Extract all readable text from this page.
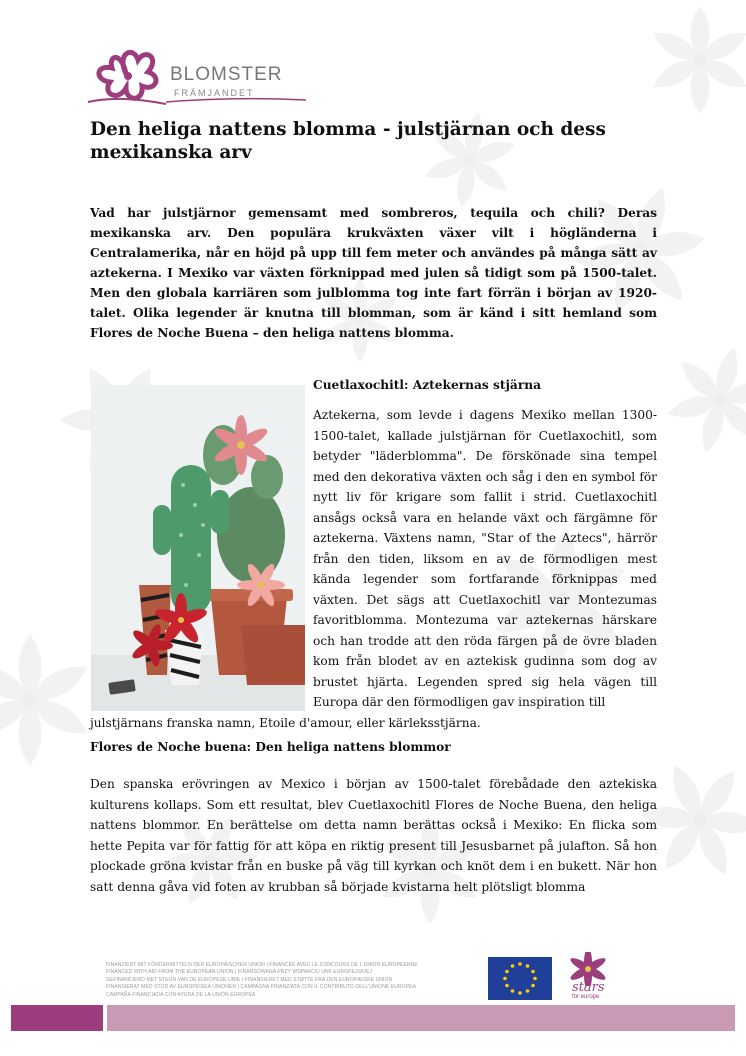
BLOMSTER
FRÄMJANDET
Den heliga nattens blomma - julstjärnan och dess mexikanska arv

Vad har julstjärnor gemensamt med sombreros, tequila och chili? Deras mexikanska arv. Den populära krukväxten växer vilt i högländerna i Centralamerika, når en höjd på upp till fem meter och användes på många sätt av aztekerna. I Mexiko var växten förknippad med julen så tidigt som på 1500-talet. Men den globala karriären som julblomma tog inte fart förrän i början av 1920-talet. Olika legender är knutna till blomman, som är känd i sitt hemland som Flores de Noche Buena – den heliga nattens blomma.

Cuetlaxochitl: Aztekernas stjärna

Aztekerna, som levde i dagens Mexiko mellan 1300-1500-talet, kallade julstjärnan för Cuetlaxochitl, som betyder "läderblomma". De förskönade sina tempel med den dekorativa växten och såg i den en symbol för nytt liv för krigare som fallit i strid. Cuetlaxochitl ansågs också vara en helande växt och färgämne för aztekerna. Växtens namn, "Star of the Aztecs", härrör från den tiden, liksom en av de förmodligen mest kända legender som fortfarande förknippas med växten. Det sägs att Cuetlaxochitl var Montezumas favoritblomma. Montezuma var aztekernas härskare och han trodde att den röda färgen på de övre bladen kom från blodet av en aztekisk gudinna som dog av brustet hjärta. Legenden spred sig hela vägen till Europa där den förmodligen gav inspiration till

julstjärnans franska namn, Etoile d'amour, eller kärleksstjärna.

Flores de Noche buena: Den heliga nattens blommor

Den spanska erövringen av Mexico i början av 1500-talet förebådade den aztekiska kulturens kollaps. Som ett resultat, blev Cuetlaxochitl Flores de Noche Buena, den heliga nattens blommor. En berättelse om detta namn berättas också i Mexiko: En flicka som hette Pepita var för fattig för att köpa en riktig present till Jesusbarnet på julafton. Så hon plockade gröna kvistar från en buske på väg till kyrkan och knöt dem i en bukett. När hon satt denna gåva vid foten av krubban så började kvistarna helt plötsligt blomma

FINANZIERT MIT FÖRDERMITTELN DER EUROPÄISCHEN UNION | FINANCÉE AVEC LE CONCOURS DE L'UNION EUROPEENNE
FINANCED WITH AID FROM THE EUROPEAN UNION | FINANSOWANA PRZY WSPARCIU UNII EUROPEJSKIEJ
GEFINANCIERD MET STEUN VAN DE EUROPESE UNIE | FINANSIERET MED STØTTE FRA DEN EUROPÆISKE UNION
FINANSIERAT MED STÖD AV EUROPEISKA UNIONEN | CAMPAGNA FINANZIATA CON IL CONTRIBUTO DELL'UNIONE EUROPEA
CAMPAÑA FINANCIADA CON AYUDA DE LA UNIÓN EUROPEA	stars
for europe
